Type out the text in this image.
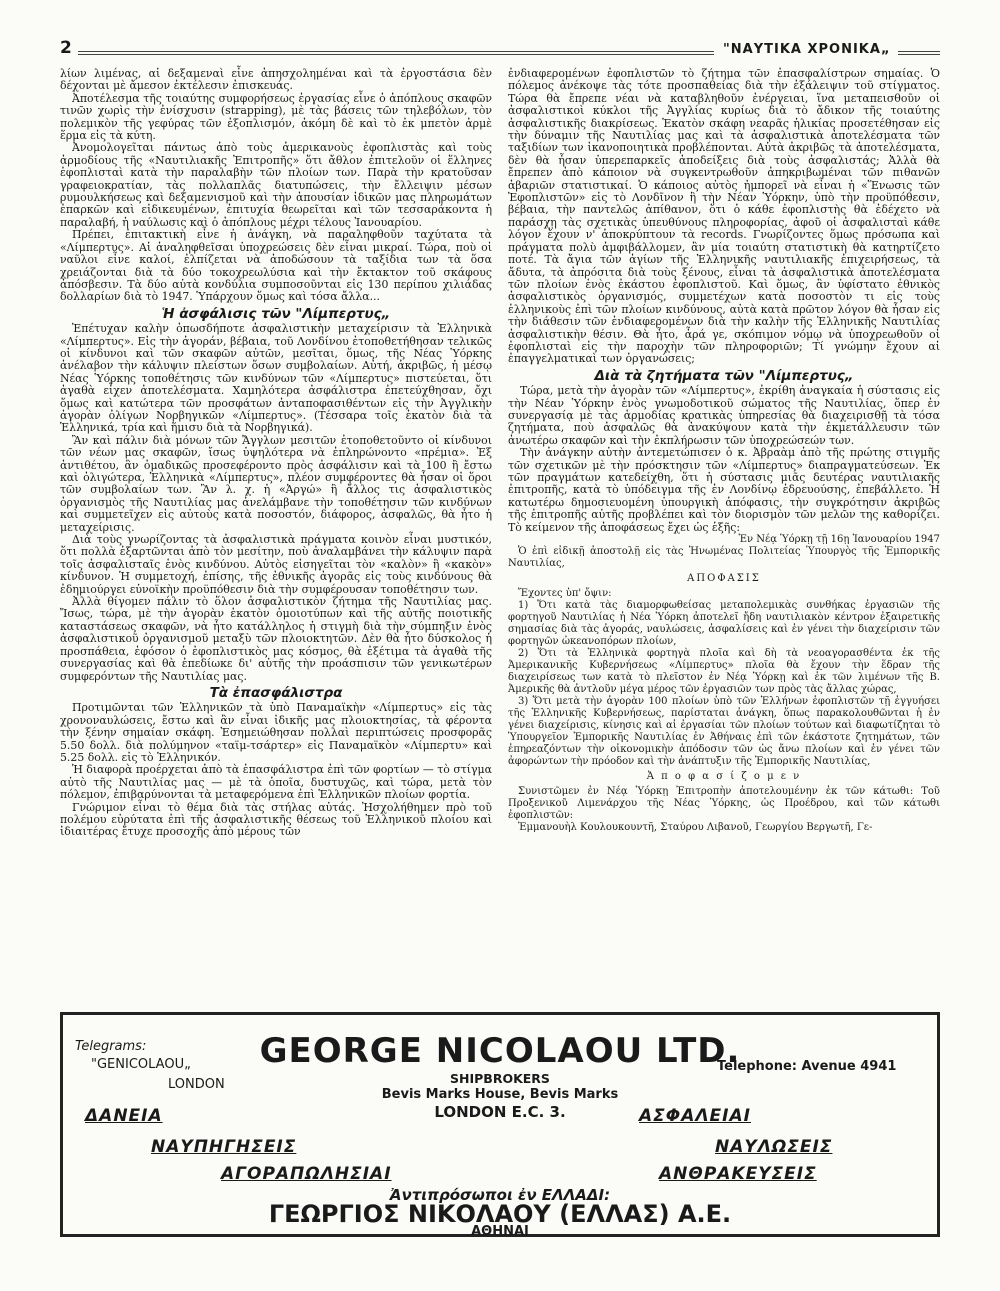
2	"ΝΑΥΤΙΚΑ ΧΡΟΝΙΚΑ„

λίων λιμένας, αἱ δεξαμεναὶ εἶνε ἀπησχολημέναι καὶ τὰ ἐργοστάσια δὲν δέχονται μὲ ἄμεσον ἐκτέλεσιν ἐπισκευάς.

Ἀποτέλεσμα τῆς τοιαύτης συμφορήσεως ἐργασίας εἶνε ὁ ἀπόπλους σκαφῶν τινῶν χωρὶς τὴν ἐνίσχυσιν (strapping), μὲ τὰς βάσεις τῶν τηλεβόλων, τὸν πολεμικὸν τῆς γεφύρας τῶν ἐξοπλισμόν, ἀκόμη δὲ καὶ τὸ ἐκ μπετὸν ἀρμὲ ἕρμα εἰς τὰ κύτη.

Ἀνομολογεῖται πάντως ἀπὸ τοὺς ἀμερικανοὺς ἐφοπλιστὰς καὶ τοὺς ἁρμοδίους τῆς «Ναυτιλιακῆς Ἐπιτροπῆς» ὅτι ἄθλον ἐπιτελοῦν οἱ ἕλληνες ἐφοπλισταὶ κατὰ τὴν παραλαβὴν τῶν πλοίων των. Παρὰ τὴν κρατοῦσαν γραφειοκρατίαν, τὰς πολλαπλᾶς διατυπώσεις, τὴν ἔλλειψιν μέσων ρυμουλκήσεως καὶ δεξαμενισμοῦ καὶ τὴν ἀπουσίαν ἰδικῶν μας πληρωμάτων ἐπαρκῶν καὶ εἰδικευμένων, ἐπιτυχία θεωρεῖται καὶ τῶν τεσσαράκοντα ἡ παραλαβή, ἡ ναύλωσις καὶ ὁ ἀπόπλους μέχρι τέλους Ἰανουαρίου.

Πρέπει, ἐπιτακτικὴ εἶνε ἡ ἀνάγκη, νὰ παραληφθοῦν ταχύτατα τὰ «Λίμπερτυς». Αἱ ἀναληφθεῖσαι ὑποχρεώσεις δὲν εἶναι μικραί. Τώρα, ποὺ οἱ ναῦλοι εἶνε καλοί, ἐλπίζεται νὰ ἀποδώσουν τὰ ταξίδια των τὰ ὅσα χρειάζονται διὰ τὰ δύο τοκοχρεωλύσια καὶ τὴν ἔκτακτον τοῦ σκάφους ἀπόσβεσιν. Τὰ δύο αὐτὰ κονδύλια συμποσοῦνται εἰς 130 περίπου χιλιάδας δολλαρίων διὰ τὸ 1947. Ὑπάρχουν ὅμως καὶ τόσα ἄλλα...

Ἡ ἀσφάλισις τῶν "Λίμπερτυς„

Ἐπέτυχαν καλὴν ὁπωσδήποτε ἀσφαλιστικὴν μεταχείρισιν τὰ Ἑλληνικὰ «Λίμπερτυς». Εἰς τὴν ἀγοράν, βέβαια, τοῦ Λονδίνου ἐτοποθετήθησαν τελικῶς οἱ κίνδυνοι καὶ τῶν σκαφῶν αὐτῶν, μεσῖται, ὅμως, τῆς Νέας Ὑόρκης ἀνέλαβον τὴν κάλυψιν πλείστων ὅσων συμβολαίων. Αὐτή, ἀκριβῶς, ἡ μέσῳ Νέας Ὑόρκης τοποθέτησις τῶν κινδύνων τῶν «Λίμπερτυς» πιστεύεται, ὅτι ἀγαθὰ εἶχεν ἀποτελέσματα. Χαμηλότερα ἀσφάλιστρα ἐπετεύχθησαν, ὄχι ὅμως καὶ κατώτερα τῶν προσφάτων ἀνταποφασιθέντων εἰς τὴν Ἀγγλικὴν ἀγορὰν ὀλίγων Νορβηγικῶν «Λίμπερτυς». (Τέσσαρα τοῖς ἑκατὸν διὰ τὰ Ἑλληνικά, τρία καὶ ἥμισυ διὰ τὰ Νορβηγικά).

Ἂν καὶ πάλιν διὰ μόνων τῶν Ἄγγλων μεσιτῶν ἐτοποθετοῦντο οἱ κίνδυνοι τῶν νέων μας σκαφῶν, ἴσως ὑψηλότερα νὰ ἐπληρώνοντο «πρέμια». Ἐξ ἀντιθέτου, ἂν ὁμαδικῶς προσεφέροντο πρὸς ἀσφάλισιν καὶ τὰ 100 ἢ ἔστω καὶ ὀλιγώτερα, Ἑλληνικὰ «Λίμπερτυς», πλέον συμφέροντες θὰ ἦσαν οἱ ὅροι τῶν συμβολαίων των. Ἂν λ. χ. ἡ «Ἀργώ» ἢ ἄλλος τις ἀσφαλιστικὸς ὀργανισμὸς τῆς Ναυτιλίας μας ἀνελάμβανε τὴν τοποθέτησιν τῶν κινδύνων καὶ συμμετεῖχεν εἰς αὐτοὺς κατὰ ποσοστόν, διάφορος, ἀσφαλῶς, θὰ ἦτο ἡ μεταχείρισις.

Διὰ τοὺς γνωρίζοντας τὰ ἀσφαλιστικὰ πράγματα κοινὸν εἶναι μυστικόν, ὅτι πολλὰ ἐξαρτῶνται ἀπὸ τὸν μεσίτην, ποὺ ἀναλαμβάνει τὴν κάλυψιν παρὰ τοῖς ἀσφαλισταῖς ἑνὸς κινδύνου. Αὐτὸς εἰσηγεῖται τὸν «καλὸν» ἢ «κακὸν» κίνδυνον. Ἡ συμμετοχή, ἐπίσης, τῆς ἐθνικῆς ἀγορᾶς εἰς τοὺς κινδύνους θὰ ἐδημιούργει εὐνοϊκὴν προϋπόθεσιν διὰ τὴν συμφέρουσαν τοποθέτησιν των.

Ἀλλὰ θίγομεν πάλιν τὸ ὅλον ἀσφαλιστικὸν ζήτημα τῆς Ναυτιλίας μας. Ἴσως, τώρα, μὲ τὴν ἀγορὰν ἑκατὸν ὁμοιοτύπων καὶ τῆς αὐτῆς ποιοτικῆς καταστάσεως σκαφῶν, νὰ ἦτο κατάλληλος ἡ στιγμὴ διὰ τὴν σύμπηξιν ἑνὸς ἀσφαλιστικοῦ ὀργανισμοῦ μεταξὺ τῶν πλοιοκτητῶν. Δὲν θὰ ἦτο δύσκολος ἡ προσπάθεια, ἐφόσον ὁ ἐφοπλιστικὸς μας κόσμος, θὰ ἐξέτιμα τὰ ἀγαθὰ τῆς συνεργασίας καὶ θὰ ἐπεδίωκε δι' αὐτῆς τὴν προάσπισιν τῶν γενικωτέρων συμφερόντων τῆς Ναυτιλίας μας.

Τὰ ἐπασφάλιστρα

Προτιμῶνται τῶν Ἑλληνικῶν τὰ ὑπὸ Παναμαϊκὴν «Λίμπερτυς» εἰς τὰς χρονοναυλώσεις, ἔστω καὶ ἂν εἶναι ἰδικῆς μας πλοιοκτησίας, τὰ φέροντα τὴν ξένην σημαίαν σκάφη. Ἐσημειώθησαν πολλαὶ περιπτώσεις προσφορᾶς 5.50 δολλ. διὰ πολύμηνον «ταϊμ-τσάρτερ» εἰς Παναμαϊκὸν «Λίμπερτυ» καὶ 5.25 δολλ. εἰς τὸ Ἑλληνικόν.

Ἡ διαφορὰ προέρχεται ἀπὸ τὰ ἐπασφάλιστρα ἐπὶ τῶν φορτίων — τὸ στίγμα αὐτὸ τῆς Ναυτιλίας μας — μὲ τὰ ὁποῖα, δυστυχῶς, καὶ τώρα, μετὰ τὸν πόλεμον, ἐπιβαρύνονται τὰ μεταφερόμενα ἐπὶ Ἑλληνικῶν πλοίων φορτία.

Γνώριμον εἶναι τὸ θέμα διὰ τὰς στήλας αὐτάς. Ἠσχολήθημεν πρὸ τοῦ πολέμου εὐρύτατα ἐπὶ τῆς ἀσφαλιστικῆς θέσεως τοῦ Ἑλληνικοῦ πλοίου καὶ ἰδιαιτέρας ἔτυχε προσοχῆς ἀπὸ μέρους τῶν

ἐνδιαφερομένων ἐφοπλιστῶν τὸ ζήτημα τῶν ἐπασφαλίστρων σημαίας. Ὁ πόλεμος ἀνέκοψε τὰς τότε προσπαθείας διὰ τὴν ἐξάλειψιν τοῦ στίγματος. Τώρα θὰ ἔπρεπε νέαι νὰ καταβληθοῦν ἐνέργειαι, ἵνα μεταπεισθοῦν οἱ ἀσφαλιστικοὶ κύκλοι τῆς Ἀγγλίας κυρίως διὰ τὸ ἄδικον τῆς τοιαύτης ἀσφαλιστικῆς διακρίσεως. Ἑκατὸν σκάφη νεαρᾶς ἡλικίας προσετέθησαν εἰς τὴν δύναμιν τῆς Ναυτιλίας μας καὶ τὰ ἀσφαλιστικὰ ἀποτελέσματα τῶν ταξιδίων των ἱκανοποιητικὰ προβλέπονται. Αὐτὰ ἀκριβῶς τὰ ἀποτελέσματα, δὲν θὰ ἦσαν ὑπερεπαρκεῖς ἀποδείξεις διὰ τοὺς ἀσφαλιστάς; Ἀλλὰ θὰ ἔπρεπεν ἀπὸ κάποιον νὰ συγκεντρωθοῦν ἀπηκριβωμέναι τῶν πιθανῶν ἀβαριῶν στατιστικαί. Ὁ κάποιος αὐτὸς ἠμπορεῖ νὰ εἶναι ἡ «Ἕνωσις τῶν Ἐφοπλιστῶν» εἰς τὸ Λονδῖνον ἢ τὴν Νέαν Ὑόρκην, ὑπὸ τὴν προϋπόθεσιν, βέβαια, τὴν παντελῶς ἀπίθανον, ὅτι ὁ κάθε ἐφοπλιστὴς θὰ ἐδέχετο νὰ παράσχῃ τὰς σχετικὰς ὑπευθύνους πληροφορίας, ἀφοῦ οἱ ἀσφαλισταὶ κάθε λόγον ἔχουν ν' ἀποκρύπτουν τὰ records. Γνωρίζοντες ὅμως πρόσωπα καὶ πράγματα πολὺ ἀμφιβάλλομεν, ἂν μία τοιαύτη στατιστικὴ θὰ κατηρτίζετο ποτέ. Τὰ ἄγια τῶν ἁγίων τῆς Ἑλληνικῆς ναυτιλιακῆς ἐπιχειρήσεως, τὰ ἄδυτα, τὰ ἀπρόσιτα διὰ τοὺς ξένους, εἶναι τὰ ἀσφαλιστικὰ ἀποτελέσματα τῶν πλοίων ἑνὸς ἑκάστου ἐφοπλιστοῦ. Καὶ ὅμως, ἂν ὑφίστατο ἐθνικὸς ἀσφαλιστικὸς ὀργανισμός, συμμετέχων κατὰ ποσοστὸν τι εἰς τοὺς ἑλληνικοὺς ἐπὶ τῶν πλοίων κινδύνους, αὐτὰ κατὰ πρῶτον λόγον θὰ ἦσαν εἰς τὴν διάθεσιν τῶν ἐνδιαφερομένων διὰ τὴν καλὴν τῆς Ἑλληνικῆς Ναυτιλίας ἀσφαλιστικὴν θέσιν. Θὰ ἦτο, ἆρά γε, σκόπιμον νόμῳ νὰ ὑποχρεωθοῦν οἱ ἐφοπλισταὶ εἰς τὴν παροχὴν τῶν πληροφοριῶν; Τί γνώμην ἔχουν αἱ ἐπαγγελματικαὶ των ὀργανώσεις;

Διὰ τὰ ζητήματα τῶν "Λίμπερτυς„

Τώρα, μετὰ τὴν ἀγορὰν τῶν «Λίμπερτυς», ἐκρίθη ἀναγκαία ἡ σύστασις εἰς τὴν Νέαν Ὑόρκην ἑνὸς γνωμοδοτικοῦ σώματος τῆς Ναυτιλίας, ὅπερ ἐν συνεργασίᾳ μὲ τὰς ἁρμοδίας κρατικὰς ὑπηρεσίας θὰ διαχειρισθῇ τὰ τόσα ζητήματα, ποὺ ἀσφαλῶς θὰ ἀνακύψουν κατὰ τὴν ἐκμετάλλευσιν τῶν ἀνωτέρω σκαφῶν καὶ τὴν ἐκπλήρωσιν τῶν ὑποχρεώσεών των.

Τὴν ἀνάγκην αὐτὴν ἀντεμετώπισεν ὁ κ. Ἀβραὰμ ἀπὸ τῆς πρώτης στιγμῆς τῶν σχετικῶν μὲ τὴν πρόσκτησιν τῶν «Λίμπερτυς» διαπραγματεύσεων. Ἐκ τῶν πραγμάτων κατεδείχθη, ὅτι ἡ σύστασις μιᾶς δευτέρας ναυτιλιακῆς ἐπιτροπῆς, κατὰ τὸ ὑπόδειγμα τῆς ἐν Λονδίνῳ ἑδρευούσης, ἐπεβάλλετο. Ἡ κατωτέρω δημοσιευομένη ὑπουργικὴ ἀπόφασις, τὴν συγκρότησιν ἀκριβῶς τῆς ἐπιτροπῆς αὐτῆς προβλέπει καὶ τὸν διορισμὸν τῶν μελῶν της καθορίζει. Τὸ κείμενον τῆς ἀποφάσεως ἔχει ὡς ἑξῆς:

Ἐν Νέᾳ Ὑόρκῃ τῇ 16ῃ Ἰανουαρίου 1947

Ὁ ἐπὶ εἰδικῇ ἀποστολῇ εἰς τὰς Ἡνωμένας Πολιτείας Ὑπουργὸς τῆς Ἐμπορικῆς Ναυτιλίας,

ΑΠΟΦΑΣΙΣ

Ἔχοντες ὑπ' ὄψιν:

1) Ὅτι κατὰ τὰς διαμορφωθείσας μεταπολεμικὰς συνθήκας ἐργασιῶν τῆς φορτηγοῦ Ναυτιλίας ἡ Νέα Ὑόρκη ἀποτελεῖ ἤδη ναυτιλιακὸν κέντρον ἐξαιρετικῆς σημασίας διὰ τὰς ἀγοράς, ναυλώσεις, ἀσφαλίσεις καὶ ἐν γένει τὴν διαχείρισιν τῶν φορτηγῶν ὠκεανοπόρων πλοίων,

2) Ὅτι τὰ Ἑλληνικὰ φορτηγὰ πλοῖα καὶ δὴ τὰ νεοαγορασθέντα ἐκ τῆς Ἀμερικανικῆς Κυβερνήσεως «Λίμπερτυς» πλοῖα θὰ ἔχουν τὴν ἕδραν τῆς διαχειρίσεως των κατὰ τὸ πλεῖστον ἐν Νέᾳ Ὑόρκῃ καὶ ἐκ τῶν λιμένων τῆς Β. Ἀμερικῆς θὰ ἀντλοῦν μέγα μέρος τῶν ἐργασιῶν των πρὸς τὰς ἄλλας χώρας,

3) Ὅτι μετὰ τὴν ἀγορὰν 100 πλοίων ὑπὸ τῶν Ἑλλήνων ἐφοπλιστῶν τῇ ἐγγυήσει τῆς Ἑλληνικῆς Κυβερνήσεως, παρίσταται ἀνάγκη, ὅπως παρακολουθῶνται ἡ ἐν γένει διαχείρισις, κίνησις καὶ αἱ ἐργασίαι τῶν πλοίων τούτων καὶ διαφωτίζηται τὸ Ὑπουργεῖον Ἐμπορικῆς Ναυτιλίας ἐν Ἀθήναις ἐπὶ τῶν ἑκάστοτε ζητημάτων, τῶν ἐπηρεαζόντων τὴν οἰκονομικὴν ἀπόδοσιν τῶν ὡς ἄνω πλοίων καὶ ἐν γένει τῶν ἀφορώντων τὴν πρόοδον καὶ τὴν ἀνάπτυξιν τῆς Ἐμπορικῆς Ναυτιλίας,

Ἀ π ο φ α σ ί ζ ο μ ε ν

Συνιστῶμεν ἐν Νέᾳ Ὑόρκῃ Ἐπιτροπὴν ἀποτελουμένην ἐκ τῶν κάτωθι: Τοῦ Προξενικοῦ Λιμενάρχου τῆς Νέας Ὑόρκης, ὡς Προέδρου, καὶ τῶν κάτωθι ἐφοπλιστῶν:

Ἐμμανουὴλ Κουλουκουντῆ, Σταύρου Λιβανοῦ, Γεωργίου Βεργωτῆ, Γε-

Telegrams:
"GENICOLAOU„
LONDON
GEORGE NICOLAOU LTD.
Telephone: Avenue 4941
SHIPBROKERS
Bevis Marks House, Bevis Marks
LONDON E.C. 3.
ΔΑΝΕΙΑ
ΝΑΥΠΗΓΗΣΕΙΣ
ΑΓΟΡΑΠΩΛΗΣΙΑΙ
ΑΣΦΑΛΕΙΑΙ
ΝΑΥΛΩΣΕΙΣ
ΑΝΘΡΑΚΕΥΣΕΙΣ
Ἀντιπρόσωποι ἐν ΕΛΛΑΔΙ:
ΓΕΩΡΓΙΟΣ ΝΙΚΟΛΑΟΥ (ΕΛΛΑΣ) Α.Ε.
ΑΘΗΝΑΙ
